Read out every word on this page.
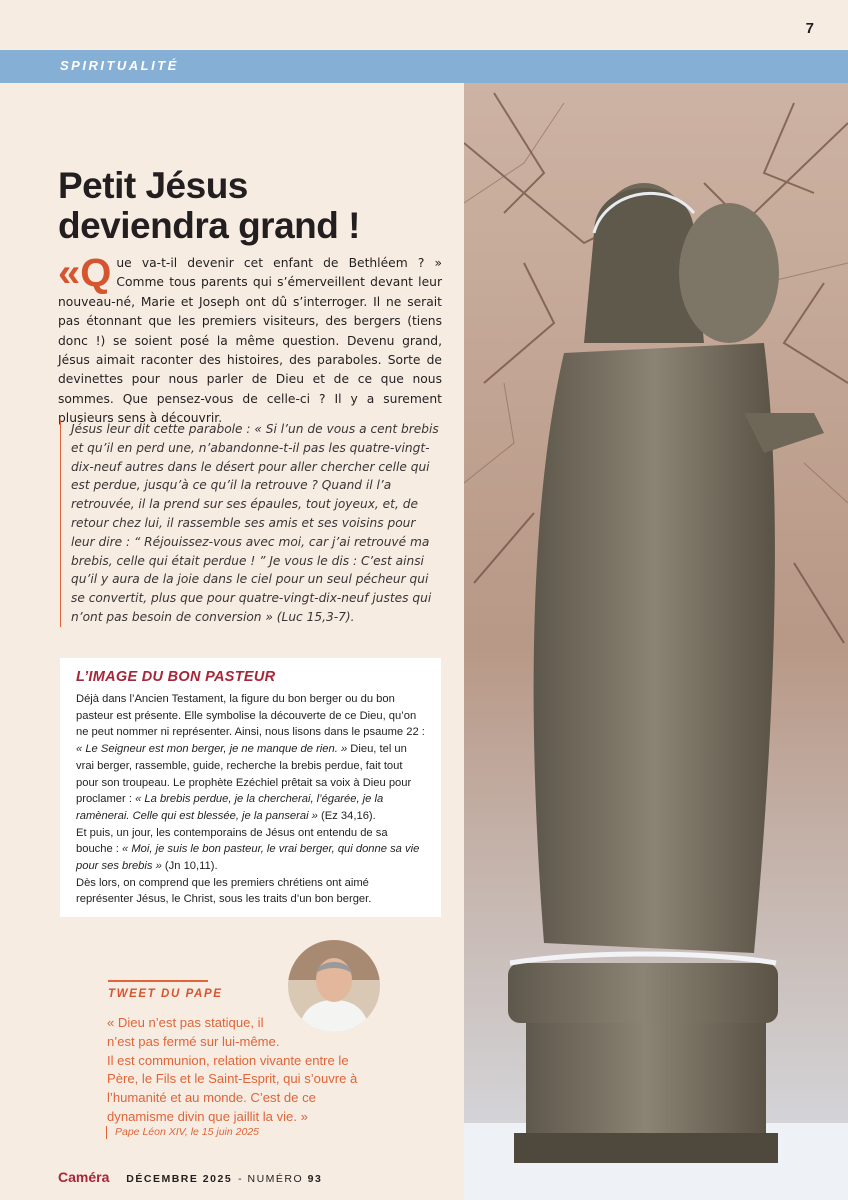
7
SPIRITUALITÉ
Petit Jésus
deviendra grand !
«Que va-t-il devenir cet enfant de Bethléem ? » Comme tous parents qui s’émerveillent devant leur nouveau-né, Marie et Joseph ont dû s’interroger. Il ne serait pas étonnant que les premiers visiteurs, des bergers (tiens donc !) se soient posé la même question. Devenu grand, Jésus aimait raconter des histoires, des paraboles. Sorte de devinettes pour nous parler de Dieu et de ce que nous sommes. Que pensez-vous de celle-ci ? Il y a surement plusieurs sens à découvrir.
Jésus leur dit cette parabole : « Si l’un de vous a cent brebis et qu’il en perd une, n’abandonne-t-il pas les quatre-vingt-dix-neuf autres dans le désert pour aller chercher celle qui est perdue, jusqu’à ce qu’il la retrouve ? Quand il l’a retrouvée, il la prend sur ses épaules, tout joyeux, et, de retour chez lui, il rassemble ses amis et ses voisins pour leur dire : “ Réjouissez-vous avec moi, car j’ai retrouvé ma brebis, celle qui était perdue ! ” Je vous le dis : C’est ainsi qu’il y aura de la joie dans le ciel pour un seul pécheur qui se convertit, plus que pour quatre-vingt-dix-neuf justes qui n’ont pas besoin de conversion » (Luc 15,3-7).
L’IMAGE DU BON PASTEUR
Déjà dans l’Ancien Testament, la figure du bon berger ou du bon pasteur est présente. Elle symbolise la découverte de ce Dieu, qu’on ne peut nommer ni représenter. Ainsi, nous lisons dans le psaume 22 : « Le Seigneur est mon berger, je ne manque de rien. » Dieu, tel un vrai berger, rassemble, guide, recherche la brebis perdue, fait tout pour son troupeau. Le prophète Ezéchiel prêtait sa voix à Dieu pour proclamer : « La brebis perdue, je la chercherai, l’égarée, je la ramènerai. Celle qui est blessée, je la panserai » (Ez 34,16).
Et puis, un jour, les contemporains de Jésus ont entendu de sa bouche : « Moi, je suis le bon pasteur, le vrai berger, qui donne sa vie pour ses brebis » (Jn 10,11).
Dès lors, on comprend que les premiers chrétiens ont aimé représenter Jésus, le Christ, sous les traits d’un bon berger.
TWEET DU PAPE
« Dieu n’est pas statique, il
n’est pas fermé sur lui-même.
Il est communion, relation vivante entre le Père, le Fils et le Saint-Esprit, qui s’ouvre à l’humanité et au monde. C’est de ce dynamisme divin que jaillit la vie. »
Pape Léon XIV, le 15 juin 2025
Caméra DÉCEMBRE 2025 - NUMÉRO 93
